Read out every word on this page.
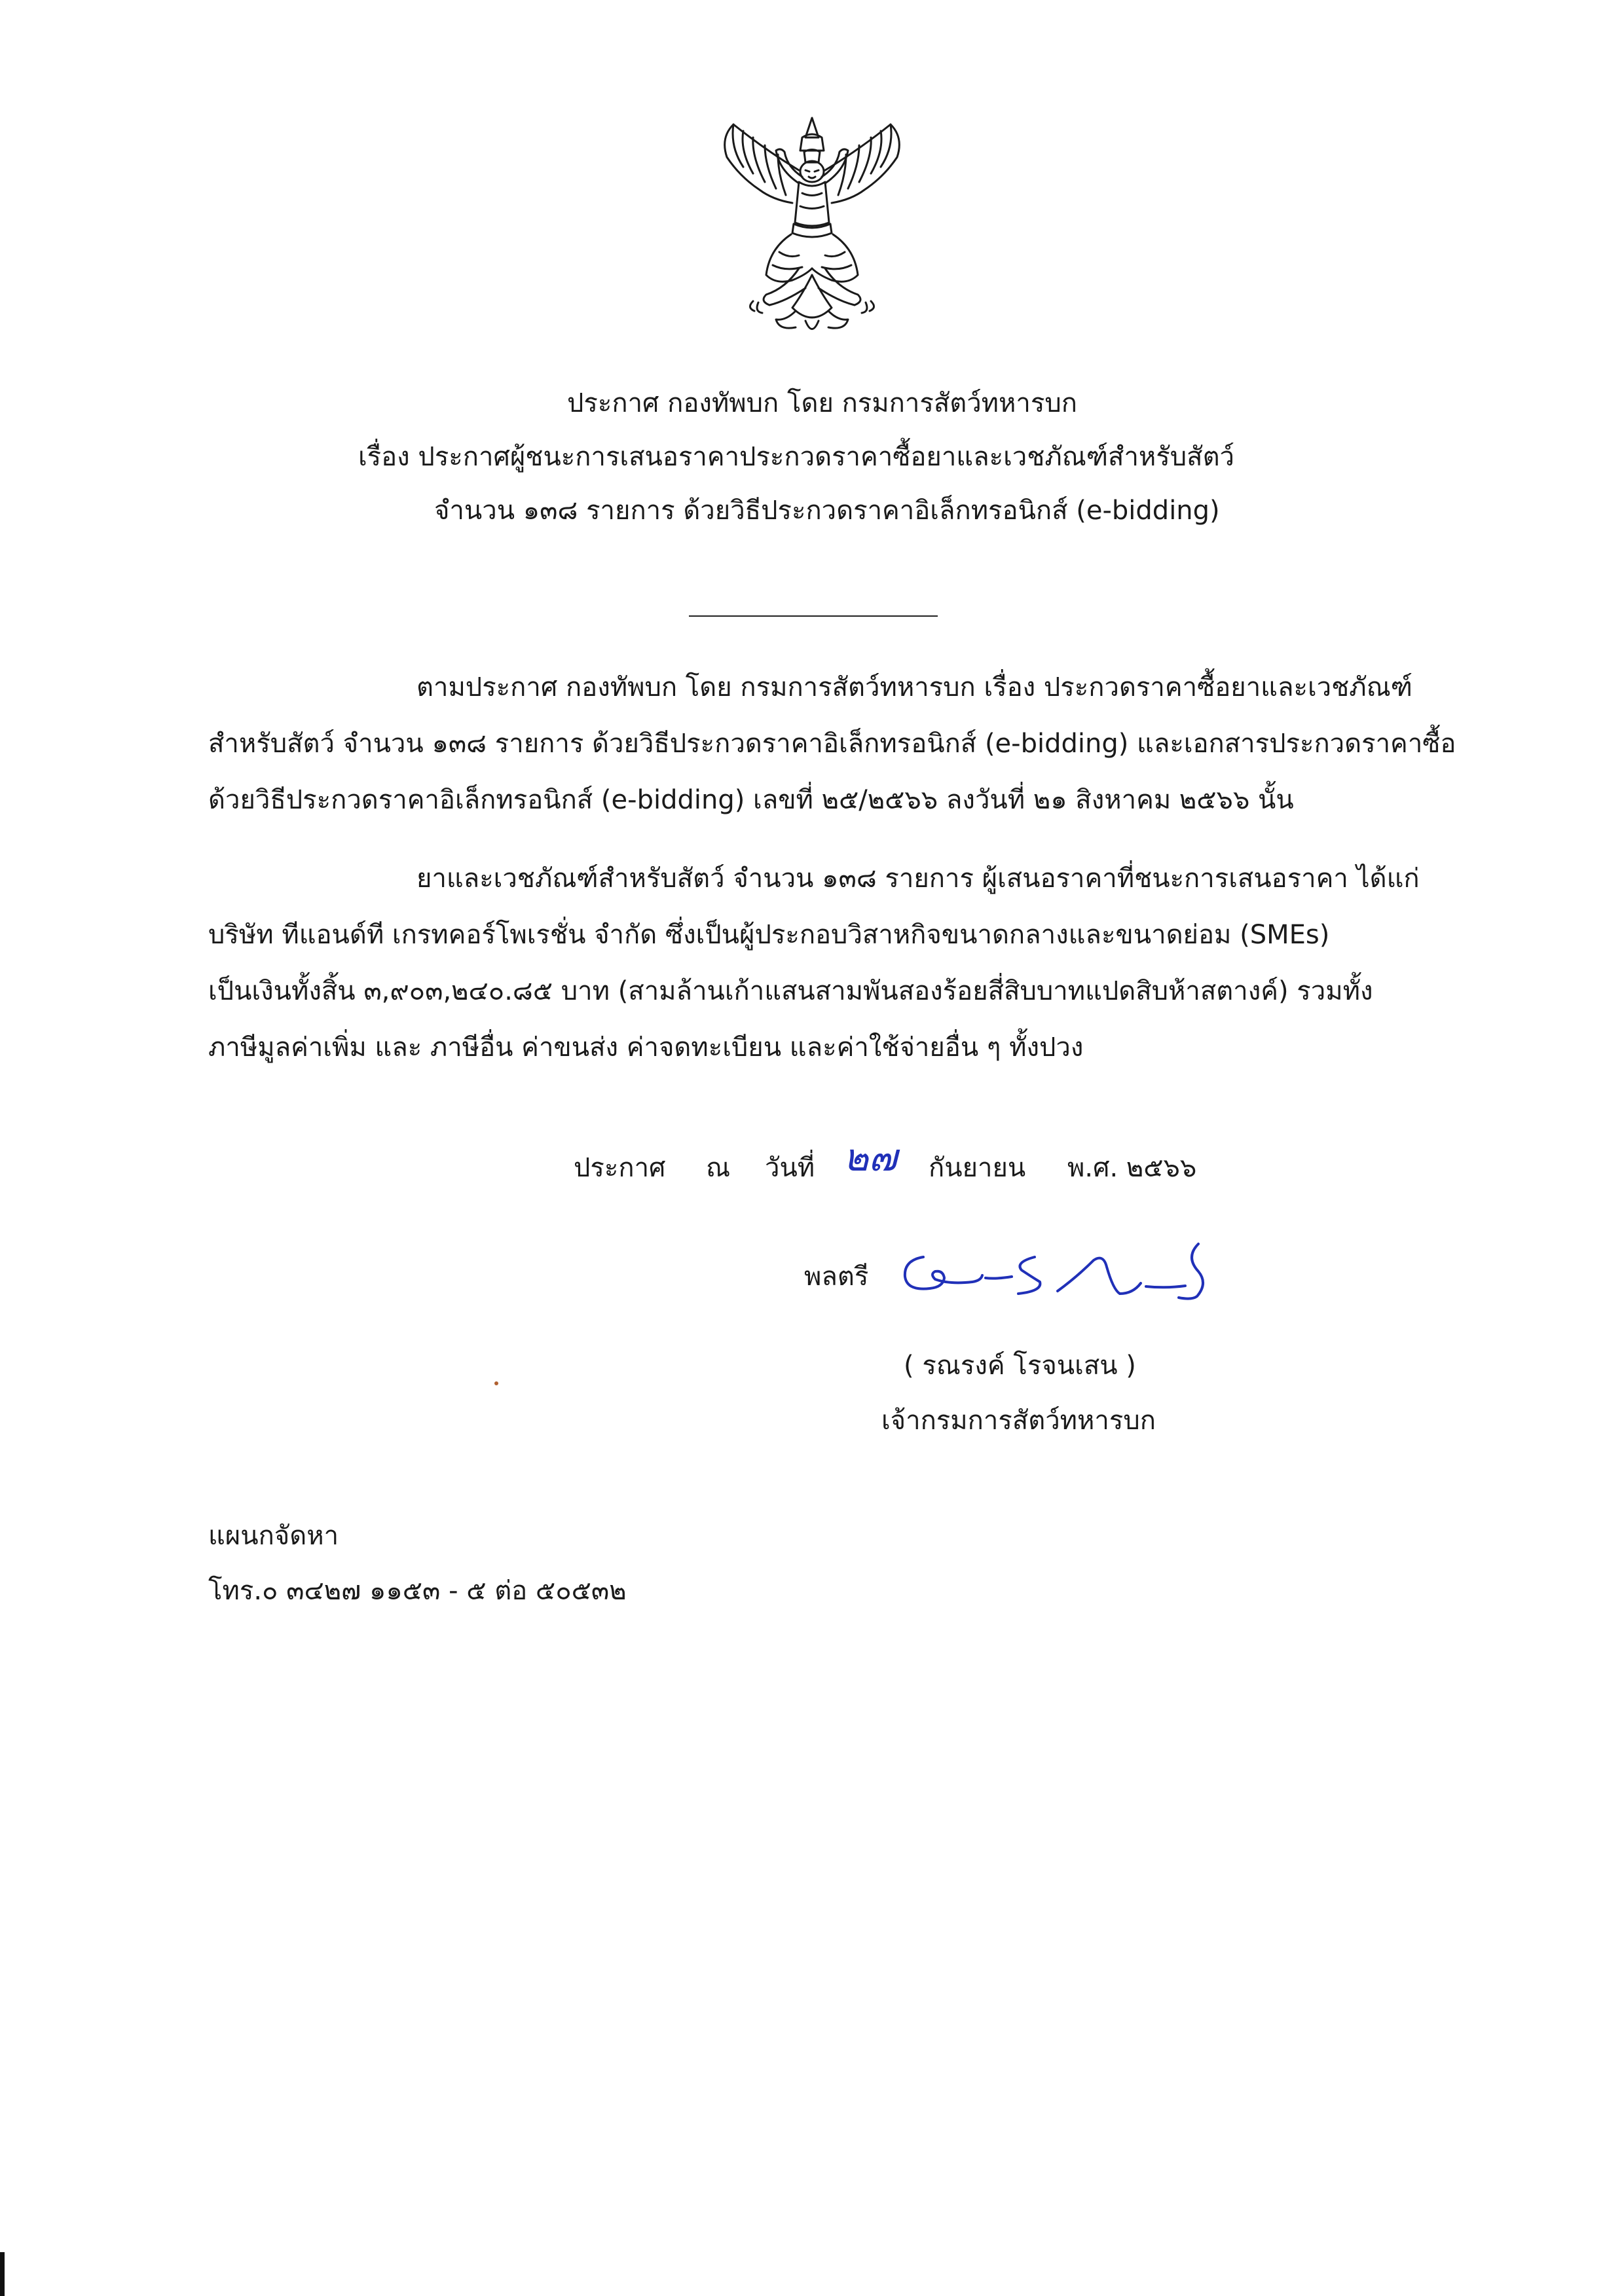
ประกาศ กองทัพบก โดย กรมการสัตว์ทหารบก
เรื่อง ประกาศผู้ชนะการเสนอราคาประกวดราคาซื้อยาและเวชภัณฑ์สำหรับสัตว์
จำนวน ๑๓๘ รายการ ด้วยวิธีประกวดราคาอิเล็กทรอนิกส์ (e-bidding)
ตามประกาศ กองทัพบก โดย กรมการสัตว์ทหารบก เรื่อง ประกวดราคาซื้อยาและเวชภัณฑ์
สำหรับสัตว์ จำนวน ๑๓๘ รายการ ด้วยวิธีประกวดราคาอิเล็กทรอนิกส์ (e-bidding) และเอกสารประกวดราคาซื้อ
ด้วยวิธีประกวดราคาอิเล็กทรอนิกส์ (e-bidding) เลขที่ ๒๕/๒๕๖๖ ลงวันที่ ๒๑ สิงหาคม ๒๕๖๖ นั้น
ยาและเวชภัณฑ์สำหรับสัตว์ จำนวน ๑๓๘ รายการ ผู้เสนอราคาที่ชนะการเสนอราคา ได้แก่
บริษัท ทีแอนด์ที เกรทคอร์โพเรชั่น จำกัด ซึ่งเป็นผู้ประกอบวิสาหกิจขนาดกลางและขนาดย่อม (SMEs)
เป็นเงินทั้งสิ้น ๓,๙๐๓,๒๔๐.๘๕ บาท (สามล้านเก้าแสนสามพันสองร้อยสี่สิบบาทแปดสิบห้าสตางค์) รวมทั้ง
ภาษีมูลค่าเพิ่ม และ ภาษีอื่น ค่าขนส่ง ค่าจดทะเบียน และค่าใช้จ่ายอื่น ๆ ทั้งปวง
ประกาศ ณ วันที่ ๒๗ กันยายน พ.ศ. ๒๕๖๖
พลตรี
( รณรงค์ โรจนเสน )
เจ้ากรมการสัตว์ทหารบก
แผนกจัดหา
โทร.๐ ๓๔๒๗ ๑๑๕๓ - ๕ ต่อ ๕๐๕๓๒
